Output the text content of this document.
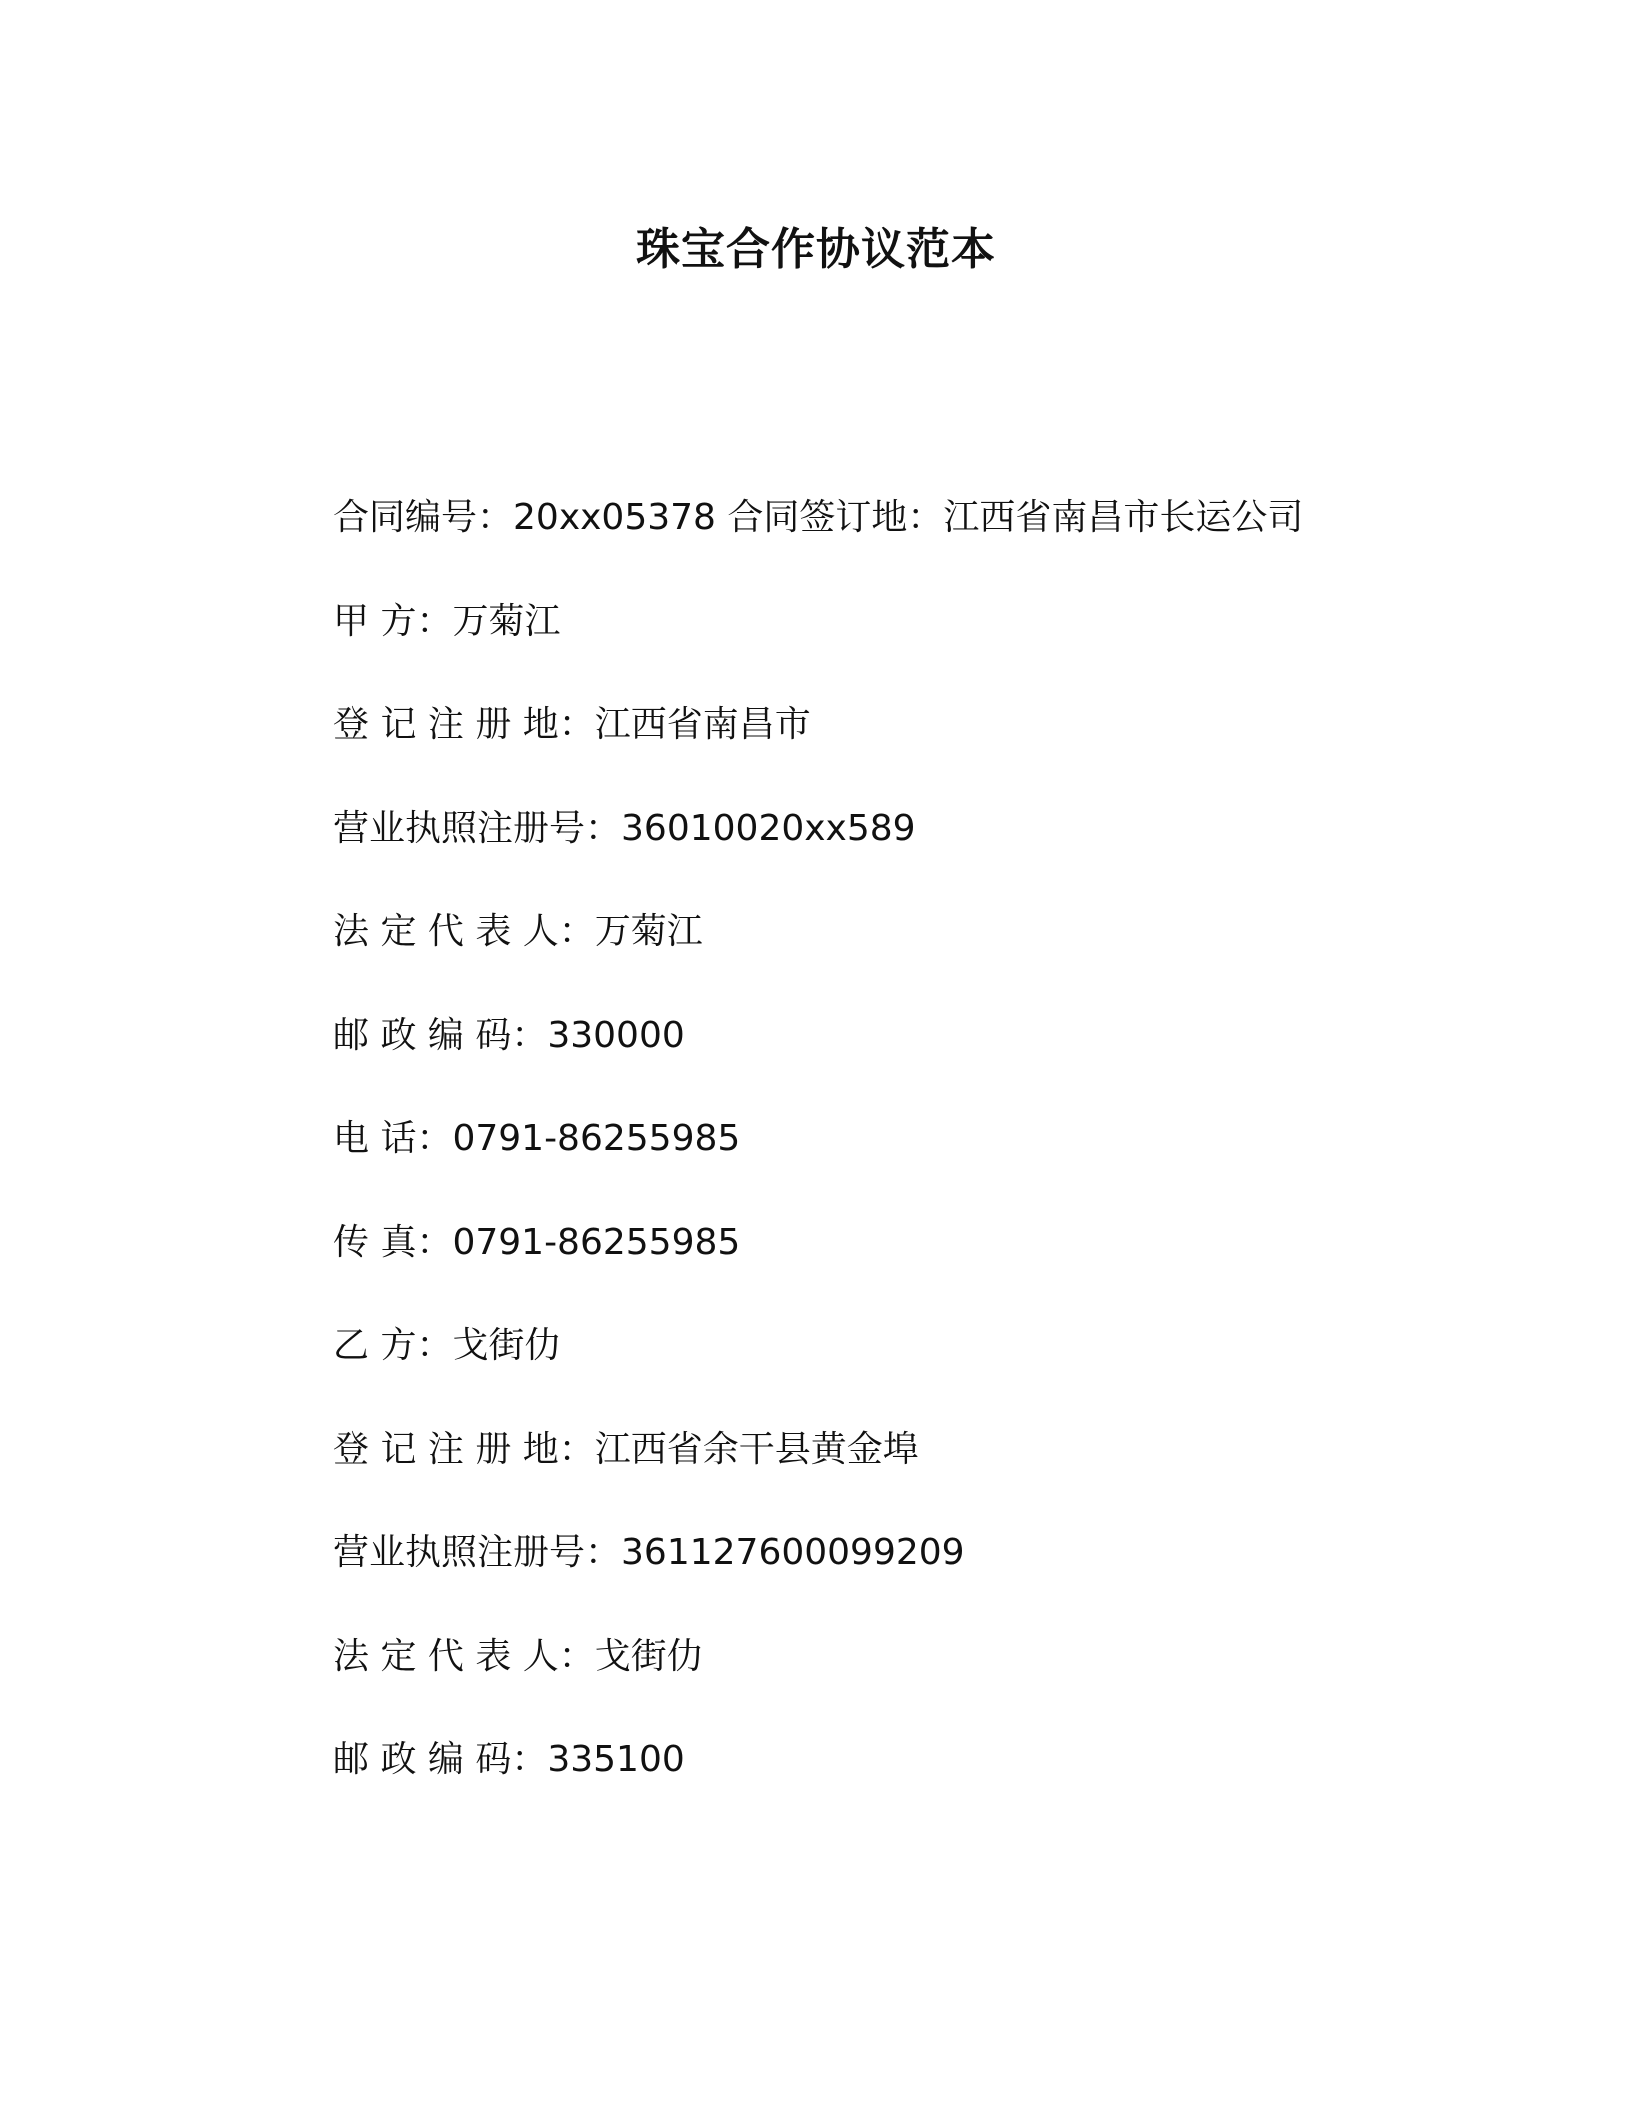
珠宝合作协议范本
合同编号：20xx05378 合同签订地：江西省南昌市长运公司
甲 方：万菊江
登 记 注 册 地：江西省南昌市
营业执照注册号：36010020xx589
法 定 代 表 人：万菊江
邮 政 编 码：330000
电 话：0791-86255985
传 真：0791-86255985
乙 方：戈街仂
登 记 注 册 地：江西省余干县黄金埠
营业执照注册号：361127600099209
法 定 代 表 人：戈街仂
邮 政 编 码：335100
